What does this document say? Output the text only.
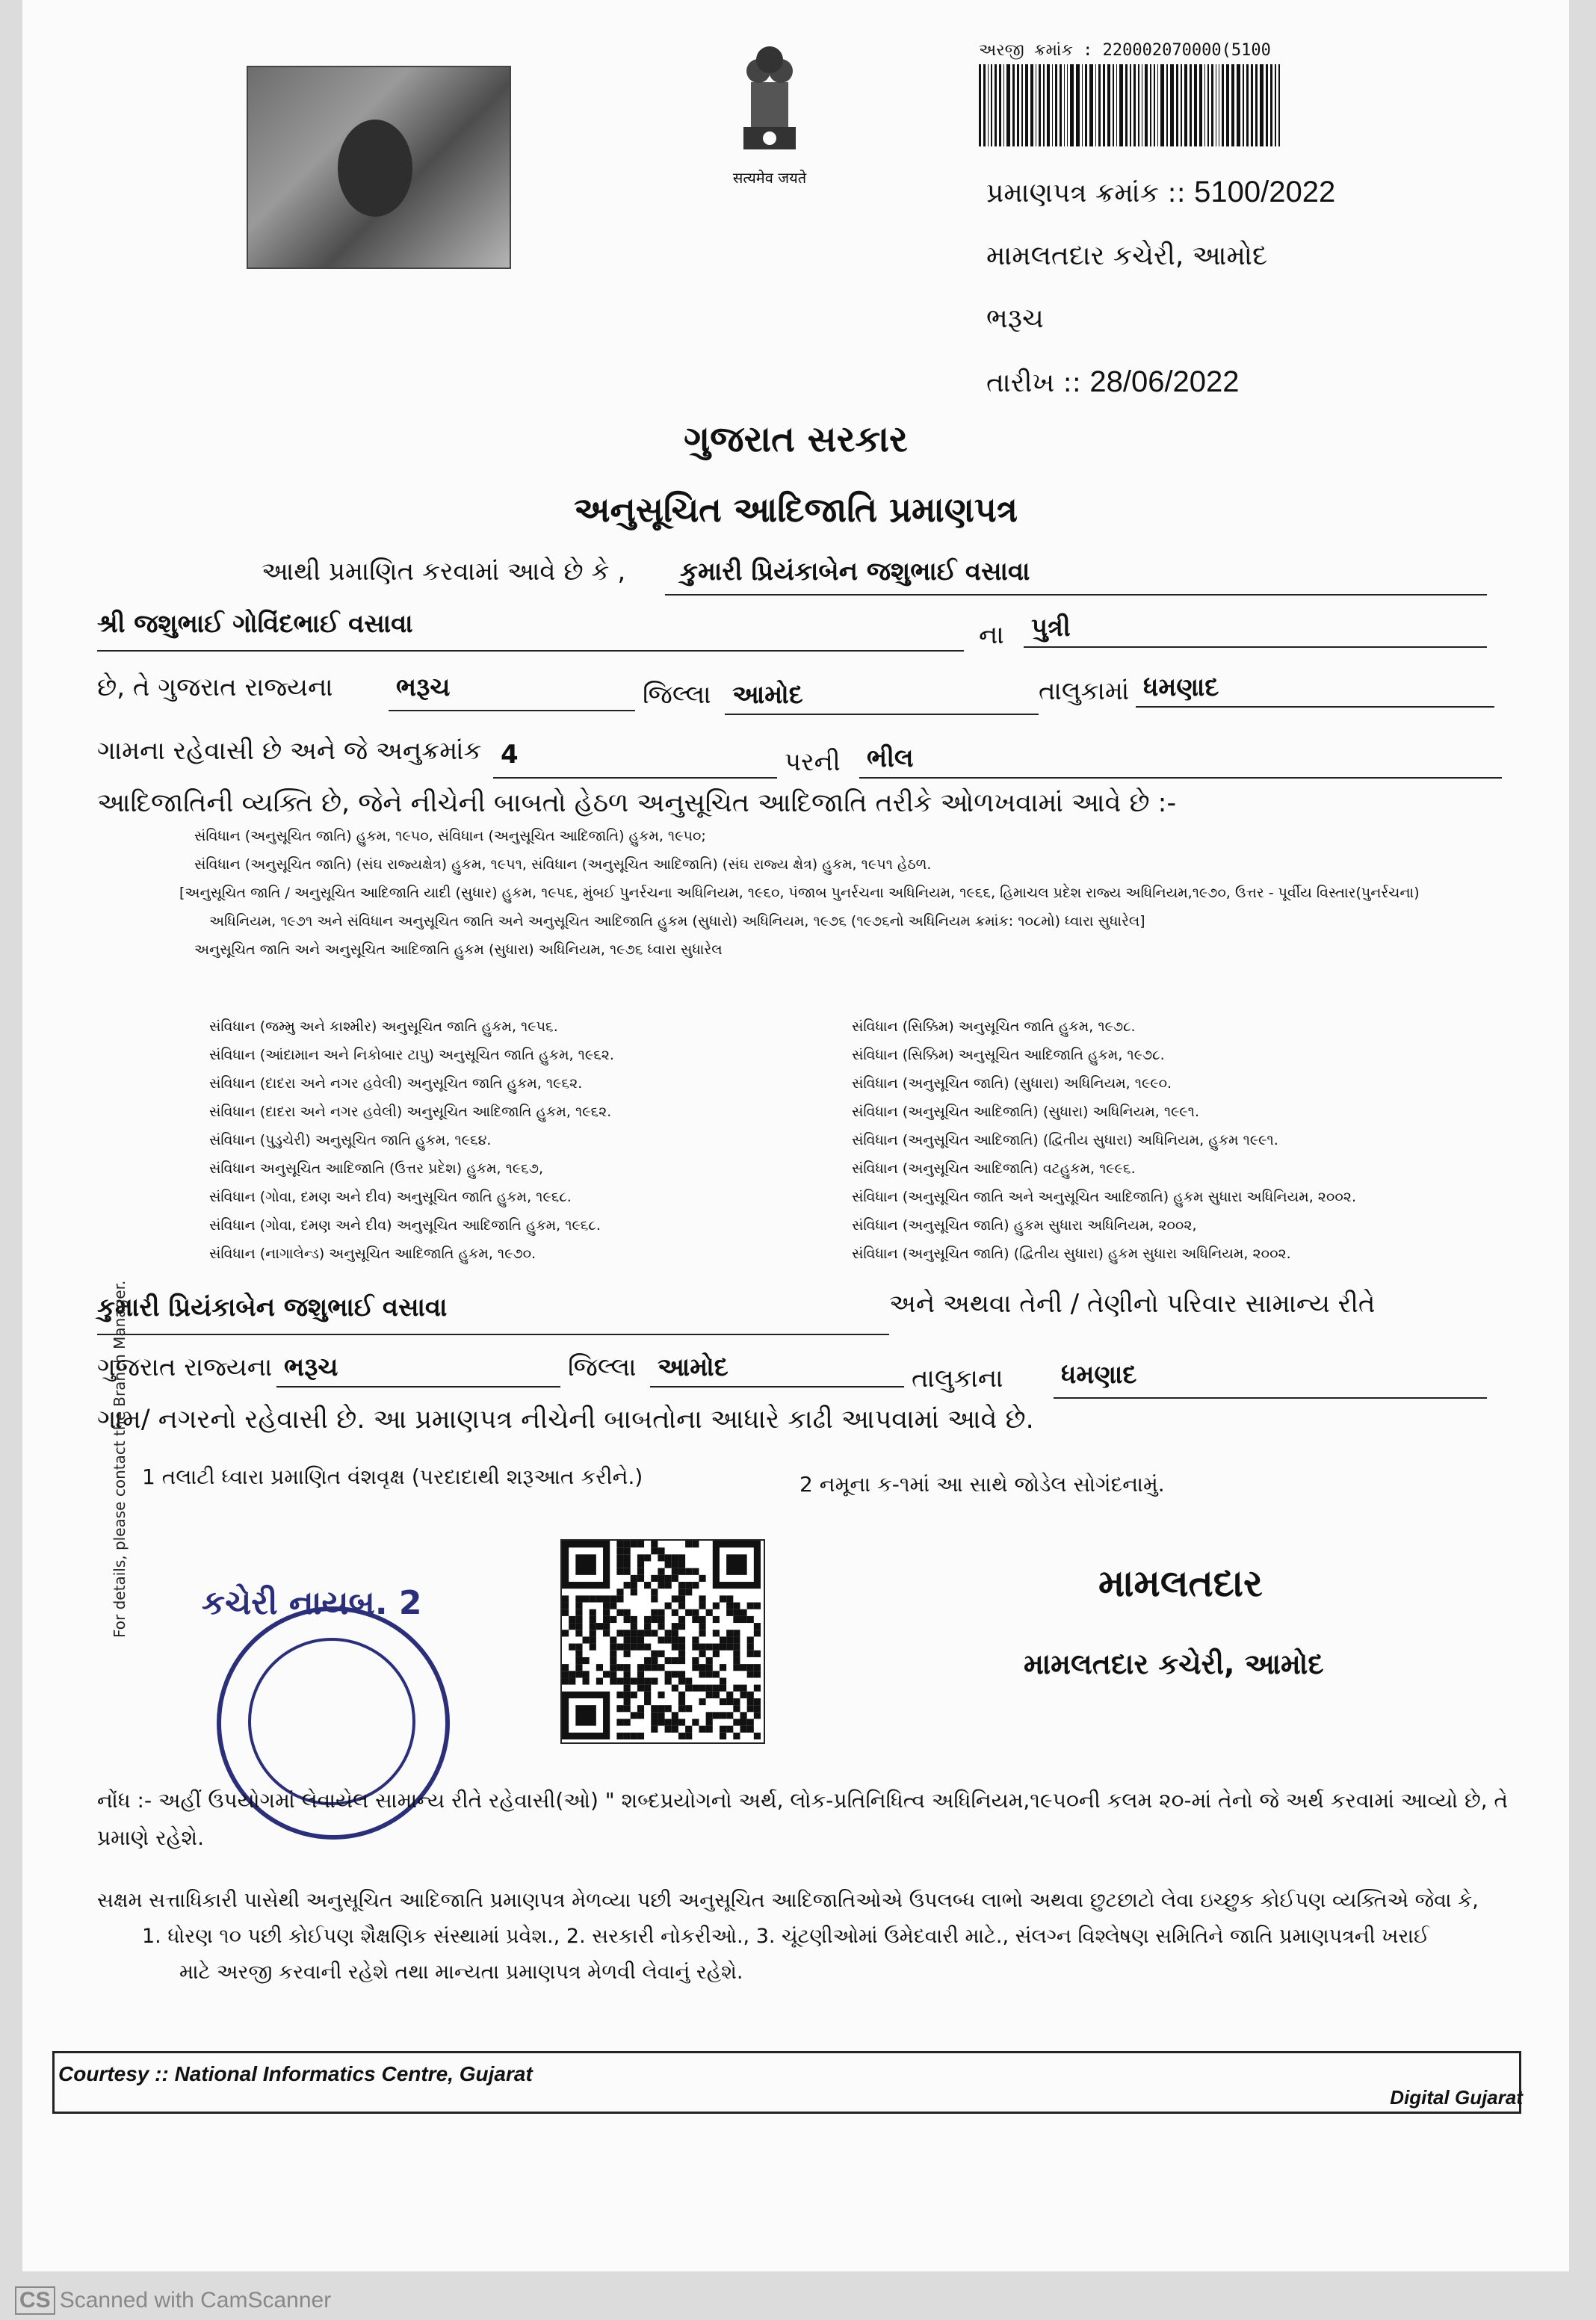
सत्यमेव जयते
અરજી ક્રમાંક : 220002070000(5100
પ્રમાણપત્ર ક્રમાંક :: 5100/2022
મામલતદાર કચેરી, આમોદ
ભરૂચ
તારીખ :: 28/06/2022
ગુજરાત સરકાર
અનુસૂચિત આદિજાતિ પ્રમાણપત્ર
આથી પ્રમાણિત કરવામાં આવે છે કે , કુમારી પ્રિયંકાબેન જશુભાઈ વસાવા
શ્રી જશુભાઈ ગોવિંદભાઈ વસાવા	ના પુત્રી
છે, તે ગુજરાત રાજ્યના ભરૂચ	જિલ્લા આમોદ	તાલુકામાં ધમણાદ
ગામના રહેવાસી છે અને જે અનુક્રમાંક 4	પરની ભીલ
આદિજાતિની વ્યક્તિ છે, જેને નીચેની બાબતો હેઠળ અનુસૂચિત આદિજાતિ તરીકે ઓળખવામાં આવે છે :-
સંવિધાન (અનુસૂચિત જાતિ) હુકમ, ૧૯૫૦, સંવિધાન (અનુસૂચિત આદિજાતિ) હુકમ, ૧૯૫૦;
સંવિધાન (અનુસૂચિત જાતિ) (સંઘ રાજ્યક્ષેત્ર) હુકમ, ૧૯૫૧, સંવિધાન (અનુસૂચિત આદિજાતિ) (સંઘ રાજ્ય ક્ષેત્ર) હુકમ, ૧૯૫૧ હેઠળ.
[અનુસૂચિત જાતિ / અનુસૂચિત આદિજાતિ યાદી (સુધાર) હુકમ, ૧૯૫૬, મુંબઈ પુનર્રચના અધિનિયમ, ૧૯૬૦, પંજાબ પુનર્રચના અધિનિયમ, ૧૯૬૬, હિમાચલ પ્રદેશ રાજ્ય અધિનિયમ,૧૯૭૦, ઉત્તર - પૂર્વીય વિસ્તાર(પુનર્રચના)
અધિનિયમ, ૧૯૭૧ અને સંવિધાન અનુસૂચિત જાતિ અને અનુસૂચિત આદિજાતિ હુકમ (સુધારો) અધિનિયમ, ૧૯૭૬ (૧૯૭૬નો અધિનિયમ ક્રમાંક: ૧૦૮મો) ધ્વારા સુધારેલ]
અનુસૂચિત જાતિ અને અનુસૂચિત આદિજાતિ હુકમ (સુધારા) અધિનિયમ, ૧૯૭૬ ધ્વારા સુધારેલ
સંવિધાન (જમ્મુ અને કાશ્મીર) અનુસૂચિત જાતિ હુકમ, ૧૯૫૬.
સંવિધાન (આંદામાન અને નિકોબાર ટાપુ) અનુસૂચિત જાતિ હુકમ, ૧૯૬૨.
સંવિધાન (દાદરા અને નગર હવેલી) અનુસૂચિત જાતિ હુકમ, ૧૯૬૨.
સંવિધાન (દાદરા અને નગર હવેલી) અનુસૂચિત આદિજાતિ હુકમ, ૧૯૬૨.
સંવિધાન (પુડુચેરી) અનુસૂચિત જાતિ હુકમ, ૧૯૬૪.
સંવિધાન અનુસૂચિત આદિજાતિ (ઉત્તર પ્રદેશ) હુકમ, ૧૯૬૭,
સંવિધાન (ગોવા, દમણ અને દીવ) અનુસૂચિત જાતિ હુકમ, ૧૯૬૮.
સંવિધાન (ગોવા, દમણ અને દીવ) અનુસૂચિત આદિજાતિ હુકમ, ૧૯૬૮.
સંવિધાન (નાગાલેન્ડ) અનુસૂચિત આદિજાતિ હુકમ, ૧૯૭૦.
સંવિધાન (સિક્કિમ) અનુસૂચિત જાતિ હુકમ, ૧૯૭૮.
સંવિધાન (સિક્કિમ) અનુસૂચિત આદિજાતિ હુકમ, ૧૯૭૮.
સંવિધાન (અનુસૂચિત જાતિ) (સુધારા) અધિનિયમ, ૧૯૯૦.
સંવિધાન (અનુસૂચિત આદિજાતિ) (સુધારા) અધિનિયમ, ૧૯૯૧.
સંવિધાન (અનુસૂચિત આદિજાતિ) (દ્વિતીય સુધારા) અધિનિયમ, હુકમ ૧૯૯૧.
સંવિધાન (અનુસૂચિત આદિજાતિ) વટહુકમ, ૧૯૯૬.
સંવિધાન (અનુસૂચિત જાતિ અને અનુસૂચિત આદિજાતિ) હુકમ સુધારા અધિનિયમ, ૨૦૦૨.
સંવિધાન (અનુસૂચિત જાતિ) હુકમ સુધારા અધિનિયમ, ૨૦૦૨,
સંવિધાન (અનુસૂચિત જાતિ) (દ્વિતીય સુધારા) હુકમ સુધારા અધિનિયમ, ૨૦૦૨.
કુમારી પ્રિયંકાબેન જશુભાઈ વસાવા	અને અથવા તેની / તેણીનો પરિવાર સામાન્ય રીતે
ગુજરાત રાજ્યના ભરૂચ	જિલ્લા આમોદ	તાલુકાના ધમણાદ
ગામ/ નગરનો રહેવાસી છે. આ પ્રમાણપત્ર નીચેની બાબતોના આધારે કાઢી આપવામાં આવે છે.
1 તલાટી ધ્વારા પ્રમાણિત વંશવૃક્ષ (પરદાદાથી શરૂઆત કરીને.)	2 નમૂના ક-૧માં આ સાથે જોડેલ સોગંદનામું.
કચેરી નાયબ. 2	મામલતદાર
મામલતદાર કચેરી, આમોદ
નોંધ :- અહીં ઉપયોગમાં લેવાયેલ સામાન્ય રીતે રહેવાસી(ઓ) " શબ્દપ્રયોગનો અર્થ, લોક-પ્રતિનિધિત્વ અધિનિયમ,૧૯૫૦ની કલમ ૨૦-માં તેનો જે અર્થ કરવામાં આવ્યો છે, તે
પ્રમાણે રહેશે.
સક્ષમ સત્તાધિકારી પાસેથી અનુસૂચિત આદિજાતિ પ્રમાણપત્ર મેળવ્યા પછી અનુસૂચિત આદિજાતિઓએ ઉપલબ્ધ લાભો અથવા છુટછાટો લેવા ઇચ્છુક કોઈપણ વ્યક્તિએ જેવા કે,
1. ધોરણ ૧૦ પછી કોઈપણ શૈક્ષણિક સંસ્થામાં પ્રવેશ., 2. સરકારી નોકરીઓ., 3. ચૂંટણીઓમાં ઉમેદવારી માટે., સંલગ્ન વિશ્લેષણ સમિતિને જાતિ પ્રમાણપત્રની ખરાઈ
માટે અરજી કરવાની રહેશે તથા માન્યતા પ્રમાણપત્ર મેળવી લેવાનું રહેશે.
Courtesy :: National Informatics Centre, Gujarat
Digital Gujarat
For details, please contact the Branch Manager.
CS Scanned with CamScanner
